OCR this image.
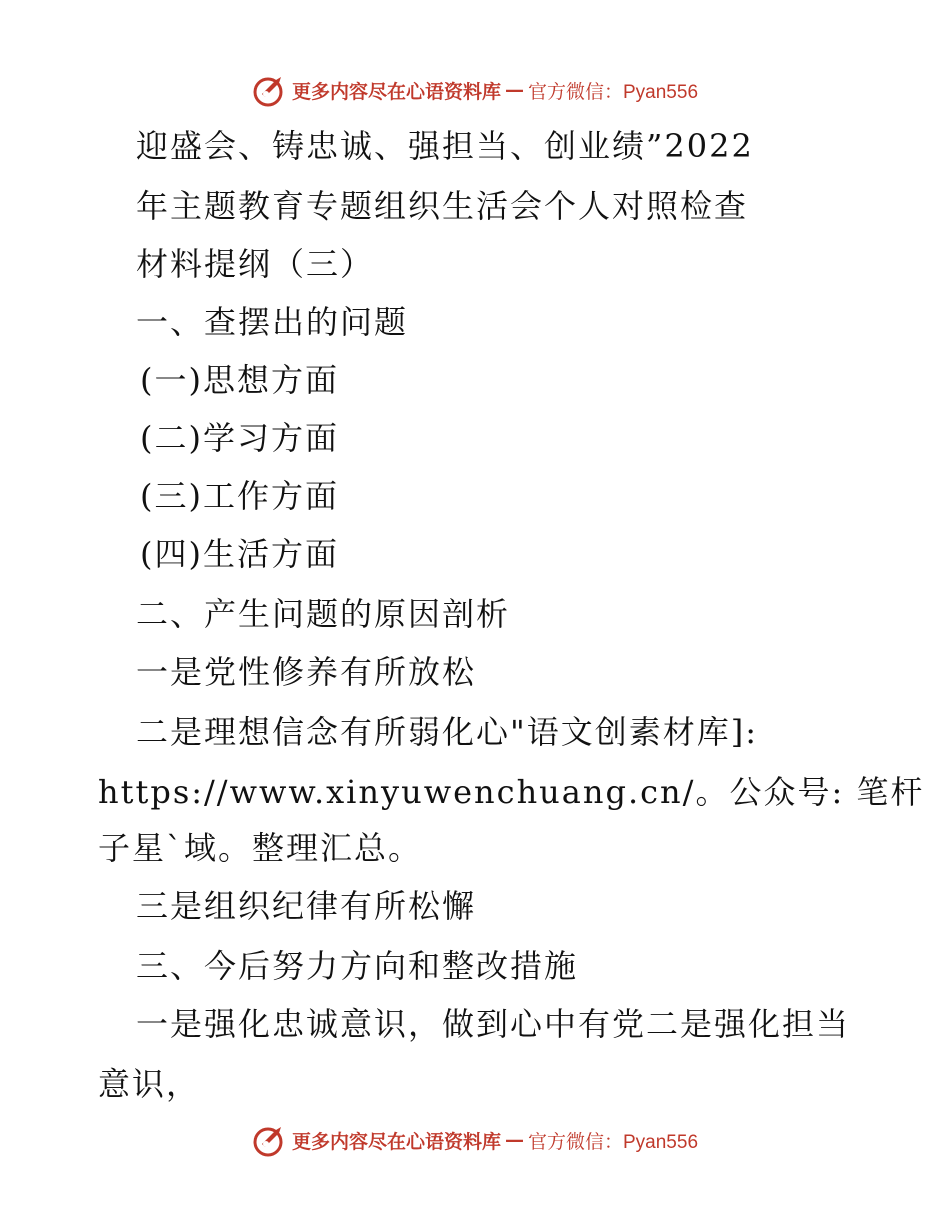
更多内容尽在心语资料库 — 官方微信：Pyan556
迎盛会、铸忠诚、强担当、创业绩”2022
年主题教育专题组织生活会个人对照检查
材料提纲（三）
一、查摆出的问题
(一)思想方面
(二)学习方面
(三)工作方面
(四)生活方面
二、产生问题的原因剖析
一是党性修养有所放松
二是理想信念有所弱化心"语文创素材库]:
https://www.xinyuwenchuang.cn/。公众号: 笔杆
子星`域。整理汇总。
三是组织纪律有所松懈
三、今后努力方向和整改措施
一是强化忠诚意识，做到心中有党二是强化担当
意识，
更多内容尽在心语资料库 — 官方微信：Pyan556
